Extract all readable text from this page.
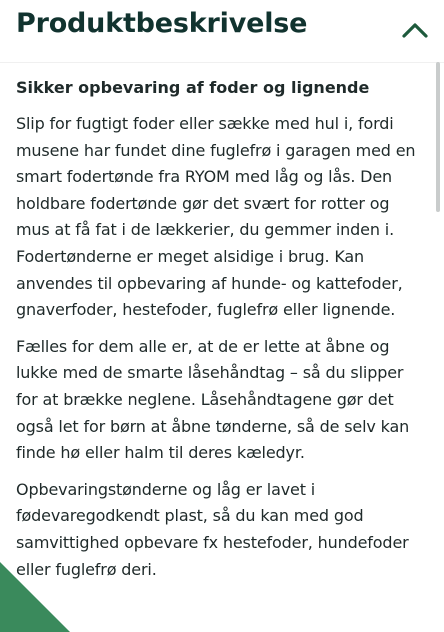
Produktbeskrivelse
Sikker opbevaring af foder og lignende

Slip for fugtigt foder eller sække med hul i, fordi musene har fundet dine fuglefrø i garagen med en smart fodertønde fra RYOM med låg og lås. Den holdbare fodertønde gør det svært for rotter og mus at få fat i de lækkerier, du gemmer inden i. Fodertønderne er meget alsidige i brug. Kan anvendes til opbevaring af hunde- og kattefoder, gnaverfoder, hestefoder, fuglefrø eller lignende.

Fælles for dem alle er, at de er lette at åbne og lukke med de smarte låsehåndtag – så du slipper for at brække neglene. Låsehåndtagene gør det også let for børn at åbne tønderne, så de selv kan finde hø eller halm til deres kæledyr.

Opbevaringstønderne og låg er lavet i fødevaregodkendt plast, så du kan med god samvittighed opbevare fx hestefoder, hundefoder eller fuglefrø deri.
